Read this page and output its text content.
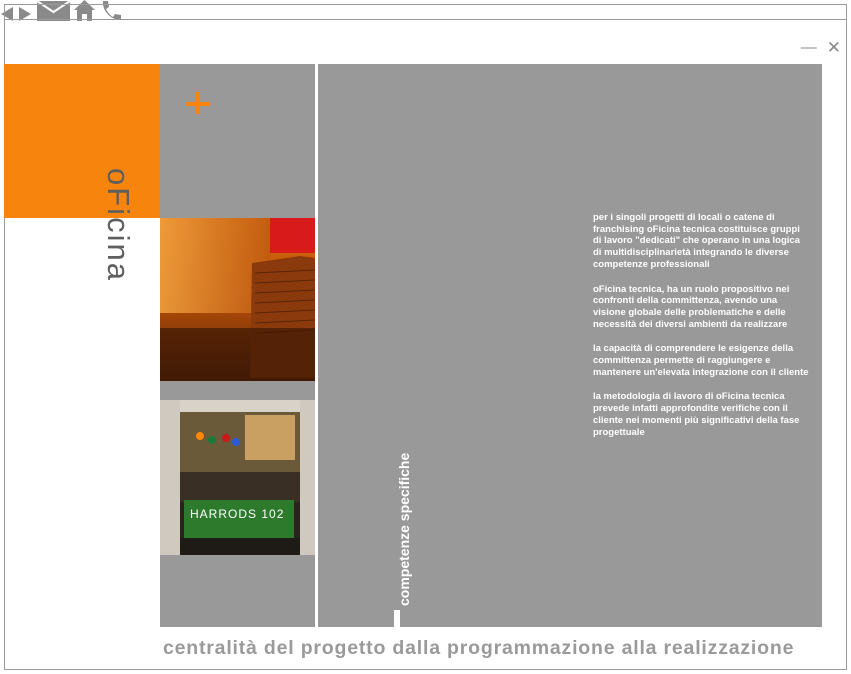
— ✕
oFicina
HARRODS 102	competenze specifiche

per i singoli progetti di locali o catene di franchising oFicina tecnica costituisce gruppi di lavoro "dedicati" che operano in una logica di multidisciplinarietà integrando le diverse competenze professionali

oFicina tecnica, ha un ruolo propositivo nei confronti della committenza, avendo una visione globale delle problematiche e delle necessità dei diversi ambienti da realizzare

la capacità di comprendere le esigenze della committenza permette di raggiungere e mantenere un'elevata integrazione con il cliente

la metodologia di lavoro di oFicina tecnica prevede infatti approfondite verifiche con il cliente nei momenti più significativi della fase progettuale

centralità del progetto dalla programmazione alla realizzazione
